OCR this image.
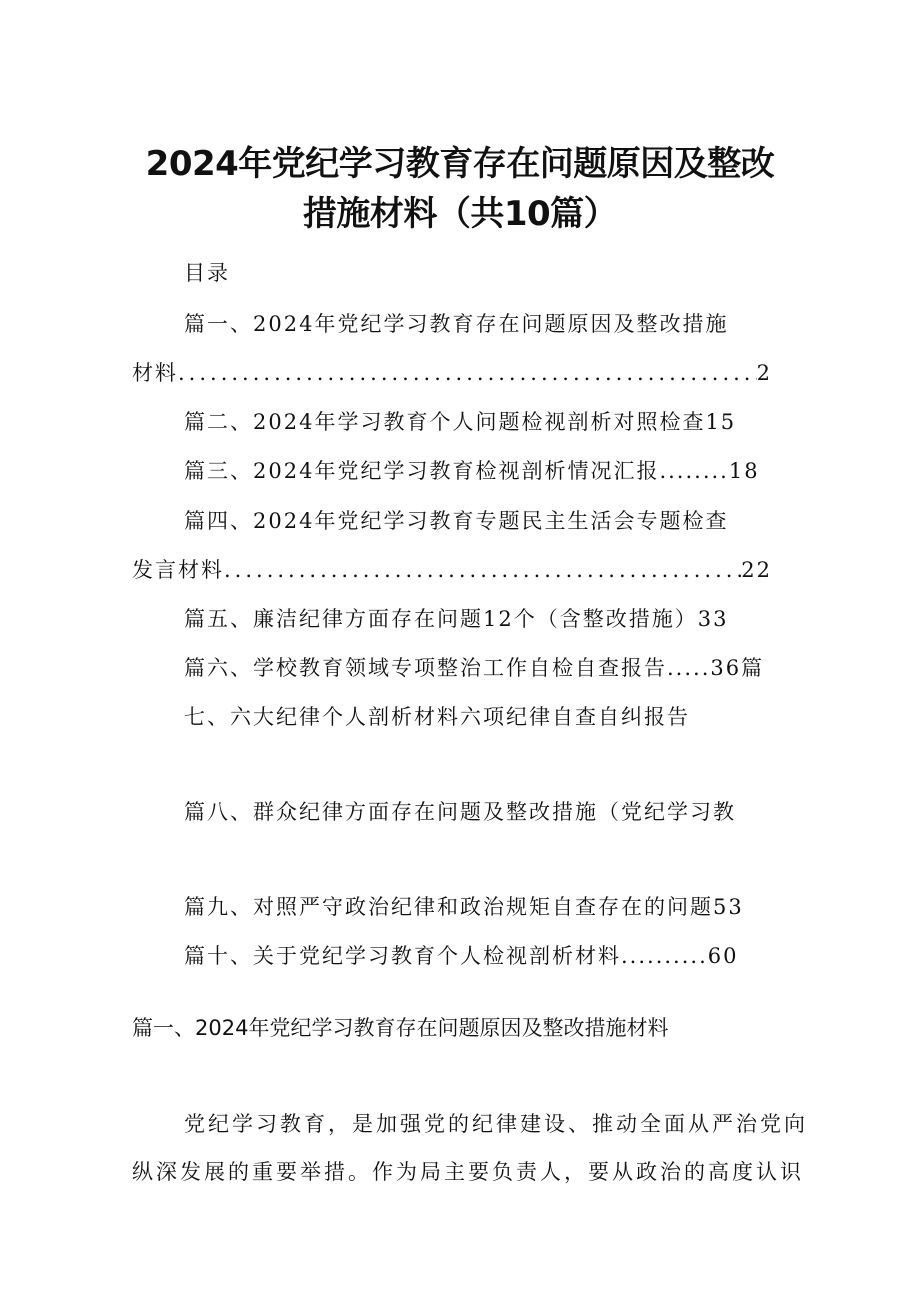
2024年党纪学习教育存在问题原因及整改
措施材料（共10篇）
目录
篇一、2024年党纪学习教育存在问题原因及整改措施
材料 .....	2
篇二、2024年学习教育个人问题检视剖析对照检查15
篇三、2024年党纪学习教育检视剖析情况汇报........18
篇四、2024年党纪学习教育专题民主生活会专题检查
发言材料 .....	22
篇五、廉洁纪律方面存在问题12个（含整改措施）33
篇六、学校教育领域专项整治工作自检自查报告.....36篇
七、六大纪律个人剖析材料六项纪律自查自纠报告
篇八、群众纪律方面存在问题及整改措施（党纪学习教
篇九、对照严守政治纪律和政治规矩自查存在的问题53
篇十、关于党纪学习教育个人检视剖析材料..........60
篇一、2024年党纪学习教育存在问题原因及整改措施材料
党纪学习教育，是加强党的纪律建设、推动全面从严治党向
纵深发展的重要举措。作为局主要负责人，要从政治的高度认识
